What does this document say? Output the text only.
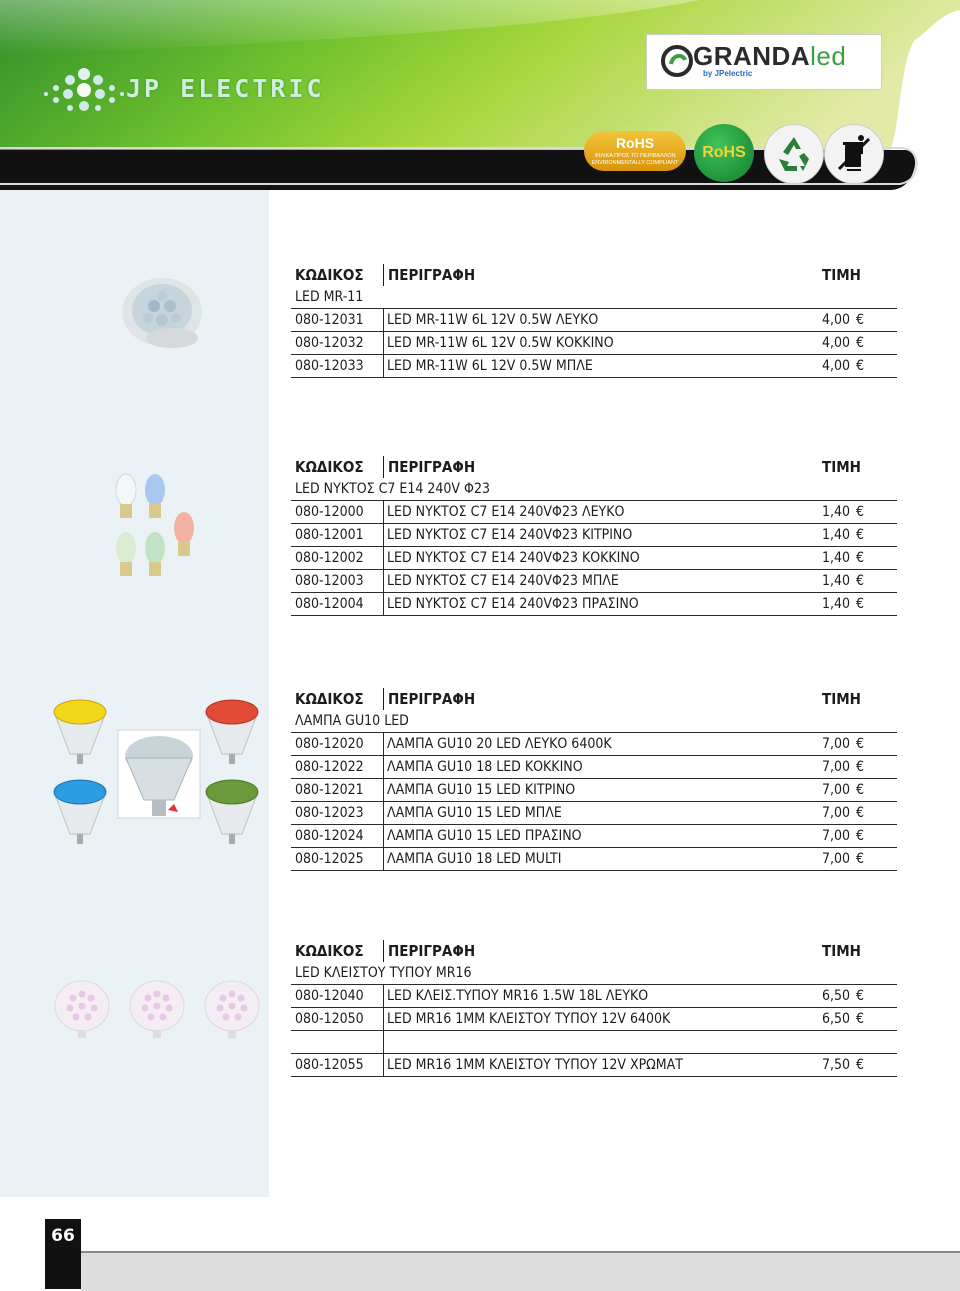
JP ELECTRIC
GRANDAled
by JPelectric
RoHS
ΦΙΛΙΚΑ ΠΡΟΣ ΤΟ ΠΕΡΙΒΑΛΛΟΝ
ENVIRONMENTALLY COMPLIANT
RoHS
ΚΩΔΙΚΟΣ	ΠΕΡΙΓΡΑΦΗ	ΤΙΜΗ
LED MR-11
080-12031	LED MR-11W 6L 12V 0.5W ΛΕΥΚΟ	4,00 €
080-12032	LED MR-11W 6L 12V 0.5W ΚΟΚΚΙΝΟ	4,00 €
080-12033	LED MR-11W 6L 12V 0.5W ΜΠΛΕ	4,00 €
ΚΩΔΙΚΟΣ	ΠΕΡΙΓΡΑΦΗ	ΤΙΜΗ
LED ΝΥΚΤΟΣ C7 E14 240V Φ23
080-12000	LED ΝΥΚΤΟΣ C7 E14 240VΦ23 ΛΕΥΚΟ	1,40 €
080-12001	LED ΝΥΚΤΟΣ C7 E14 240VΦ23 ΚΙΤΡΙΝΟ	1,40 €
080-12002	LED ΝΥΚΤΟΣ C7 E14 240VΦ23 ΚΟΚΚΙΝΟ	1,40 €
080-12003	LED ΝΥΚΤΟΣ C7 E14 240VΦ23 ΜΠΛΕ	1,40 €
080-12004	LED ΝΥΚΤΟΣ C7 E14 240VΦ23 ΠΡΑΣΙΝΟ	1,40 €
ΚΩΔΙΚΟΣ	ΠΕΡΙΓΡΑΦΗ	ΤΙΜΗ
ΛΑΜΠΑ GU10 LED
080-12020	ΛΑΜΠΑ GU10 20 LED ΛΕΥΚΟ 6400K	7,00 €
080-12022	ΛΑΜΠΑ GU10 18 LED ΚΟΚΚΙΝΟ	7,00 €
080-12021	ΛΑΜΠΑ GU10 15 LED ΚΙΤΡΙΝΟ	7,00 €
080-12023	ΛΑΜΠΑ GU10 15 LED ΜΠΛΕ	7,00 €
080-12024	ΛΑΜΠΑ GU10 15 LED ΠΡΑΣΙΝΟ	7,00 €
080-12025	ΛΑΜΠΑ GU10 18 LED MULTI	7,00 €
ΚΩΔΙΚΟΣ	ΠΕΡΙΓΡΑΦΗ	ΤΙΜΗ
LED ΚΛΕΙΣΤΟΥ ΤΥΠΟΥ MR16
080-12040	LED ΚΛΕΙΣ.ΤΥΠΟΥ MR16 1.5W 18L ΛΕΥΚΟ	6,50 €
080-12050	LED MR16 1MM ΚΛΕΙΣΤΟΥ ΤΥΠΟΥ 12V 6400K	6,50 €
080-12055	LED MR16 1MM ΚΛΕΙΣΤΟΥ ΤΥΠΟΥ 12V ΧΡΩΜΑΤ	7,50 €
66
